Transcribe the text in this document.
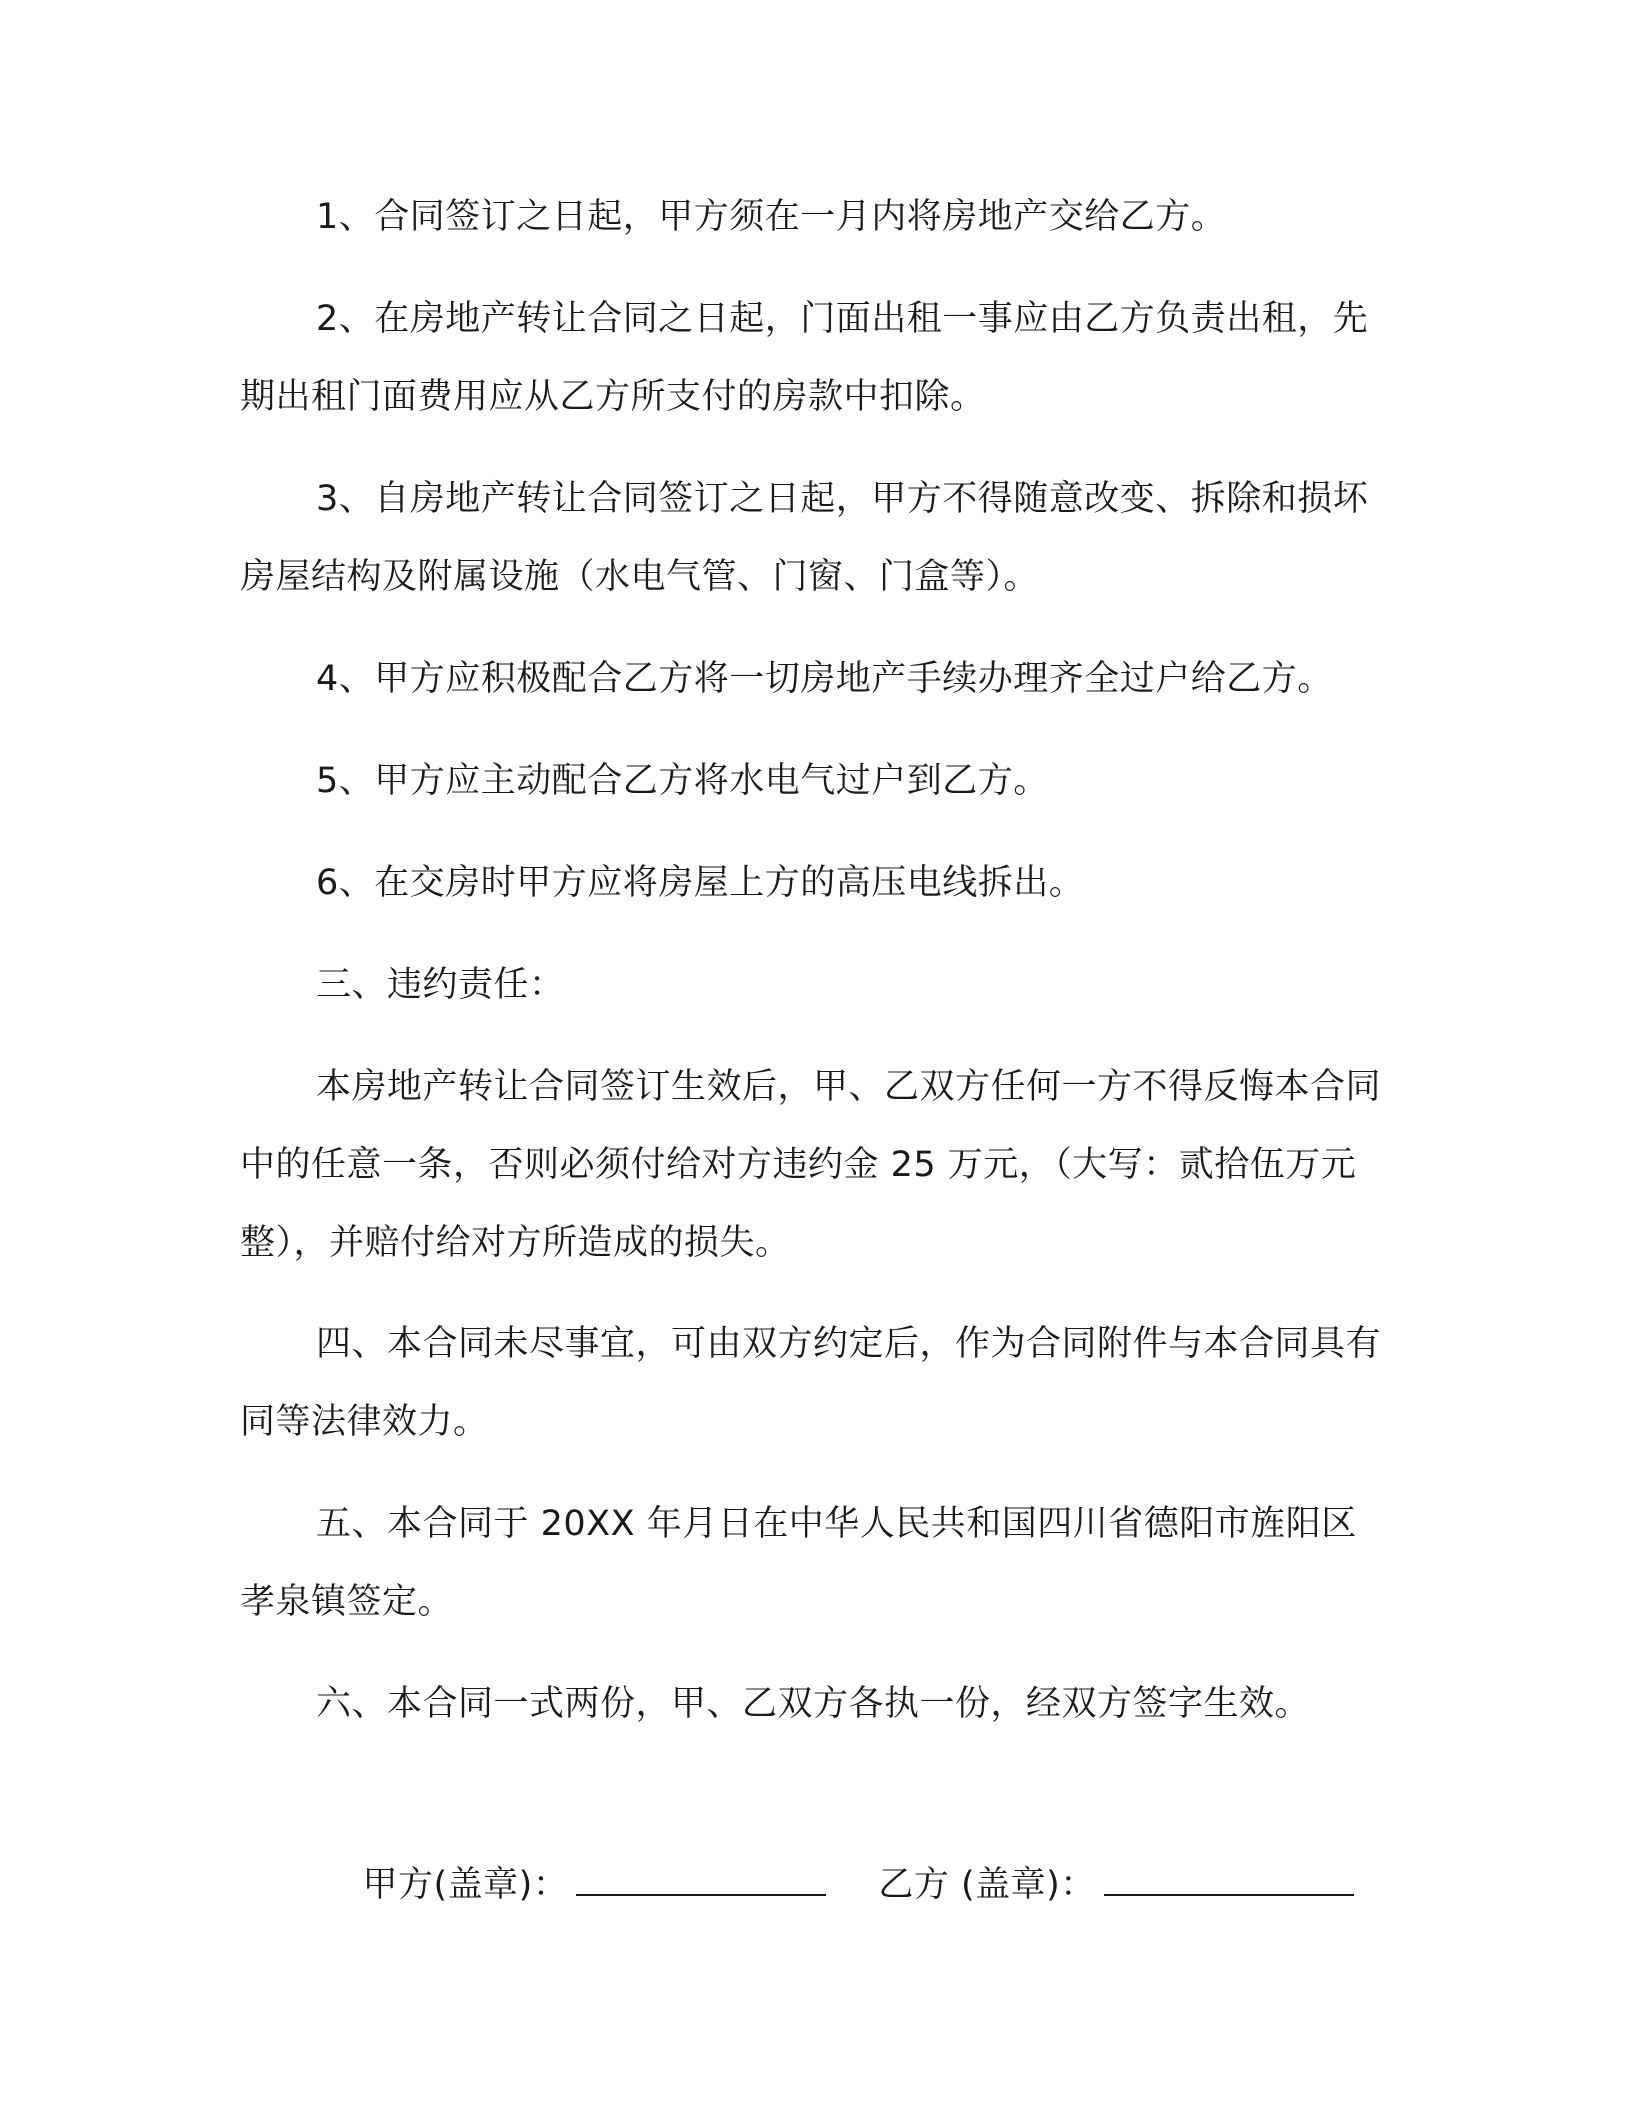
1、合同签订之日起，甲方须在一月内将房地产交给乙方。

2、在房地产转让合同之日起，门面出租一事应由乙方负责出租，先期出租门面费用应从乙方所支付的房款中扣除。

3、自房地产转让合同签订之日起，甲方不得随意改变、拆除和损坏房屋结构及附属设施（水电气管、门窗、门盒等）。

4、甲方应积极配合乙方将一切房地产手续办理齐全过户给乙方。

5、甲方应主动配合乙方将水电气过户到乙方。

6、在交房时甲方应将房屋上方的高压电线拆出。

三、违约责任：

本房地产转让合同签订生效后，甲、乙双方任何一方不得反悔本合同中的任意一条，否则必须付给对方违约金 25 万元，（大写：贰拾伍万元整），并赔付给对方所造成的损失。

四、本合同未尽事宜，可由双方约定后，作为合同附件与本合同具有同等法律效力。

五、本合同于 20XX 年月日在中华人民共和国四川省德阳市旌阳区孝泉镇签定。

六、本合同一式两份，甲、乙双方各执一份，经双方签字生效。

甲方(盖章)：	乙方 (盖章)：
